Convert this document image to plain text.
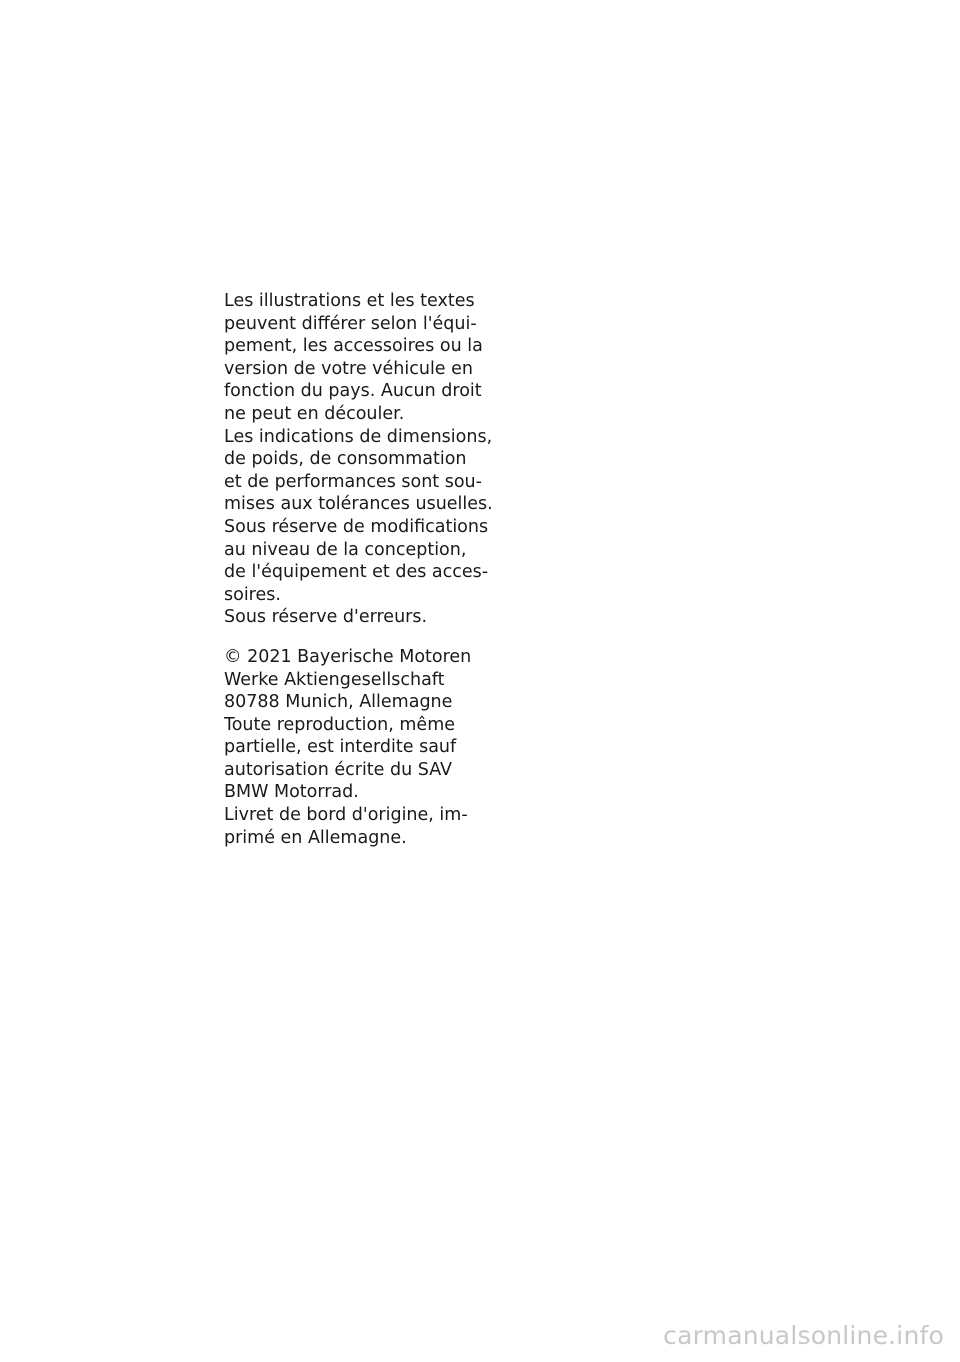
Les illustrations et les textes
peuvent différer selon l'équi-
pement, les accessoires ou la
version de votre véhicule en
fonction du pays. Aucun droit
ne peut en découler.
Les indications de dimensions,
de poids, de consommation
et de performances sont sou-
mises aux tolérances usuelles.
Sous réserve de modifications
au niveau de la conception,
de l'équipement et des acces-
soires.
Sous réserve d'erreurs.
© 2021 Bayerische Motoren
Werke Aktiengesellschaft
80788 Munich, Allemagne
Toute reproduction, même
partielle, est interdite sauf
autorisation écrite du SAV
BMW Motorrad.
Livret de bord d'origine, im-
primé en Allemagne.
carmanualsonline.info
